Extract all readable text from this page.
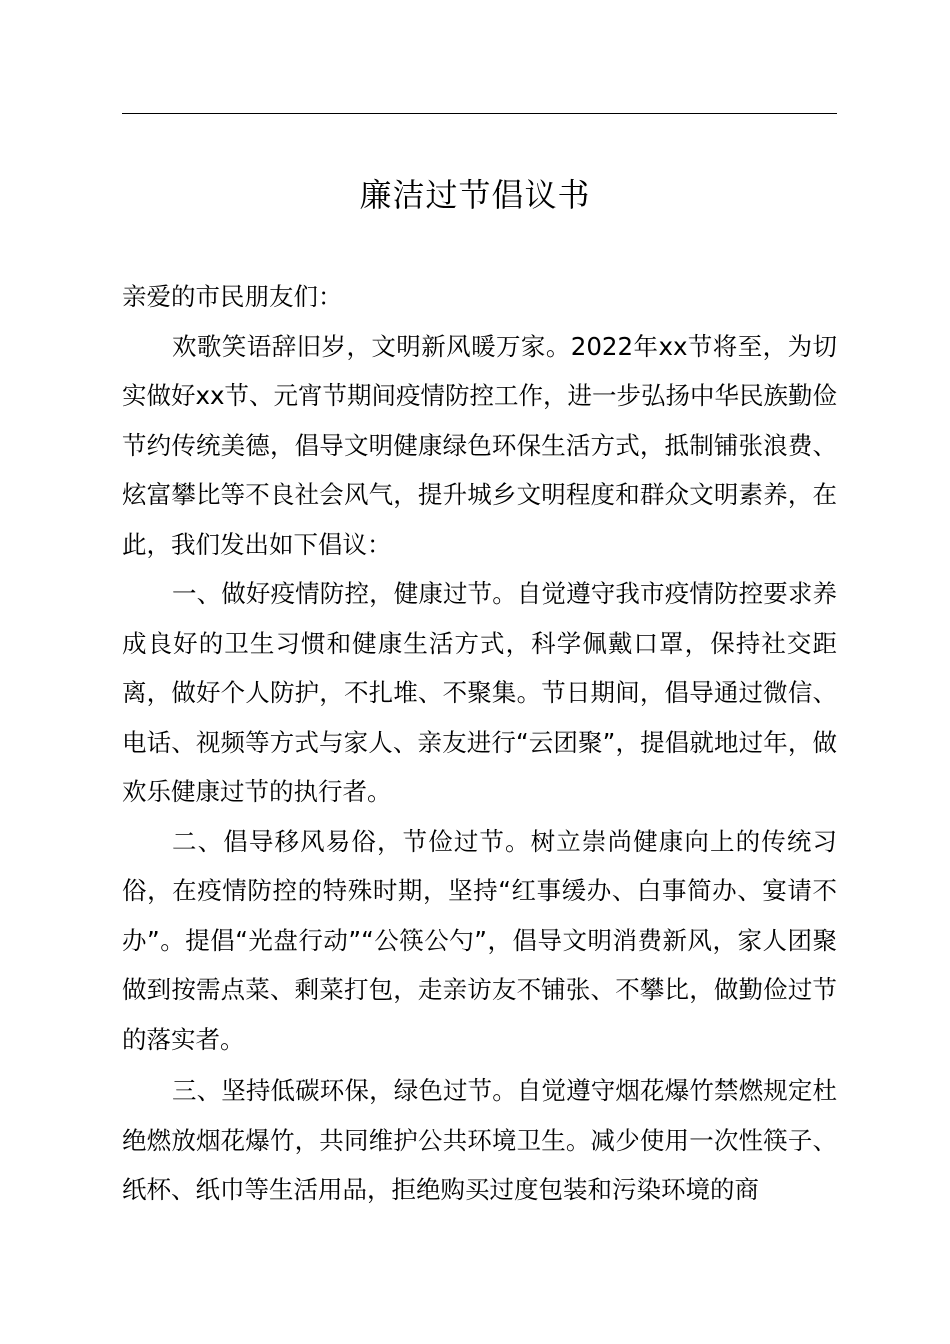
廉洁过节倡议书

亲爱的市民朋友们：

欢歌笑语辞旧岁，文明新风暖万家。2022年xx节将至，为切实做好xx节、元宵节期间疫情防控工作，进一步弘扬中华民族勤俭节约传统美德，倡导文明健康绿色环保生活方式，抵制铺张浪费、炫富攀比等不良社会风气，提升城乡文明程度和群众文明素养，在此，我们发出如下倡议：

一、做好疫情防控，健康过节。自觉遵守我市疫情防控要求养成良好的卫生习惯和健康生活方式，科学佩戴口罩，保持社交距离，做好个人防护，不扎堆、不聚集。节日期间，倡导通过微信、电话、视频等方式与家人、亲友进行“云团聚”，提倡就地过年，做欢乐健康过节的执行者。

二、倡导移风易俗，节俭过节。树立崇尚健康向上的传统习俗，在疫情防控的特殊时期，坚持“红事缓办、白事简办、宴请不办”。提倡“光盘行动”“公筷公勺”，倡导文明消费新风，家人团聚做到按需点菜、剩菜打包，走亲访友不铺张、不攀比，做勤俭过节的落实者。

三、坚持低碳环保，绿色过节。自觉遵守烟花爆竹禁燃规定杜绝燃放烟花爆竹，共同维护公共环境卫生。减少使用一次性筷子、纸杯、纸巾等生活用品，拒绝购买过度包装和污染环境的商
